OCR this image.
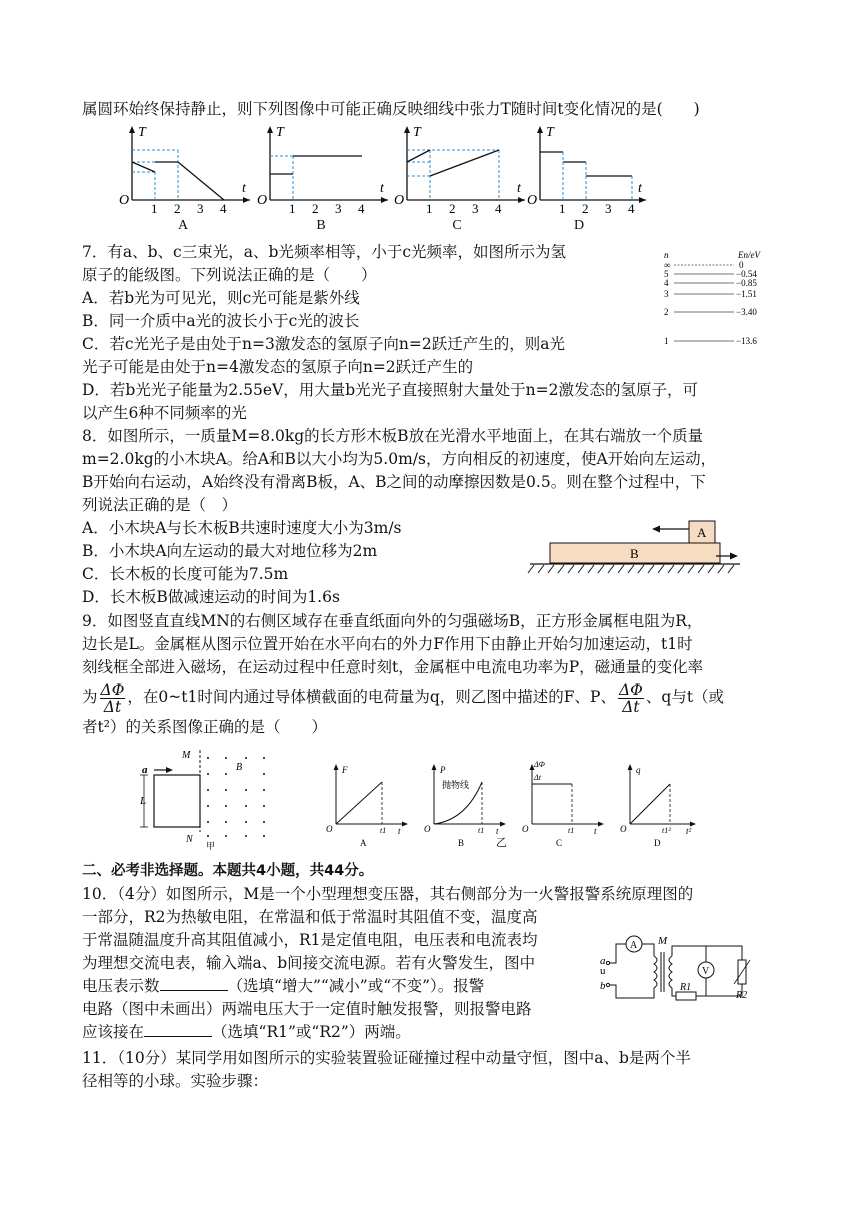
属圆环始终保持静止，则下列图像中可能正确反映细线中张力T随时间t变化情况的是(　　)
O
T
t
1 2 3 4
O
T
t
1 2 3 4
O
T
t
1 2 3 4
O
T
t
1 2 3 4
A	B	C	D
7．有a、b、c三束光，a、b光频率相等，小于c光频率，如图所示为氢
原子的能级图。下列说法正确的是（　　）
A．若b光为可见光，则c光可能是紫外线
B．同一介质中a光的波长小于c光的波长
C．若c光光子是由处于n=3激发态的氢原子向n=2跃迁产生的，则a光
光子可能是由处于n=4激发态的氢原子向n=2跃迁产生的
D．若b光光子能量为2.55eV，用大量b光光子直接照射大量处于n=2激发态的氢原子，可
以产生6种不同频率的光
n	En/eV
∞	0
5	−0.54
4	−0.85
3	−1.51
2	−3.40
1	−13.6
8．如图所示，一质量M=8.0kg的长方形木板B放在光滑水平地面上，在其右端放一个质量
m=2.0kg的小木块A。给A和B以大小均为5.0m/s，方向相反的初速度，使A开始向左运动，
B开始向右运动，A始终没有滑离B板，A、B之间的动摩擦因数是0.5。则在整个过程中，下
列说法正确的是（　）
A．小木块A与长木板B共速时速度大小为3m/s
B．小木块A向左运动的最大对地位移为2m
C．长木板的长度可能为7.5m
D．长木板B做减速运动的时间为1.6s
A
B
9．如图竖直直线MN的右侧区域存在垂直纸面向外的匀强磁场B，正方形金属框电阻为R，
边长是L。金属框从图示位置开始在水平向右的外力F作用下由静止开始匀加速运动，t1时
刻线框全部进入磁场，在运动过程中任意时刻t，金属框中电流电功率为P，磁通量的变化率
为 $\frac{\Delta\Phi}{\Delta t}$ ，在0~t1时间内通过导体横截面的电荷量为q，则乙图中描述的F、P、 $\frac{\Delta\Phi}{\Delta t}$ 、q与t（或
者t²）的关系图像正确的是（　　）
M
N
a
L
B
甲
F
O	t
t1
A
P
O	t
t1
抛物线
B
ΔΦ
Δt
O	t
t1
C
q
O	t²
t1²
D
乙
二、必考非选择题。本题共4小题，共44分。
10．（4分）如图所示，M是一个小型理想变压器，其右侧部分为一火警报警系统原理图的
一部分，R2为热敏电阻，在常温和低于常温时其阻值不变，温度高
于常温随温度升高其阻值减小，R1是定值电阻，电压表和电流表均
为理想交流电表，输入端a、b间接交流电源。若有火警发生，图中
电压表示数	（选填“增大”“减小”或“不变”）。报警
电路（图中未画出）两端电压大于一定值时触发报警，则报警电路
应该接在	（选填“R1”或“R2”）两端。
a
u
b
A M
R1
V
R2
11．（10分）某同学用如图所示的实验装置验证碰撞过程中动量守恒，图中a、b是两个半
径相等的小球。实验步骤：
